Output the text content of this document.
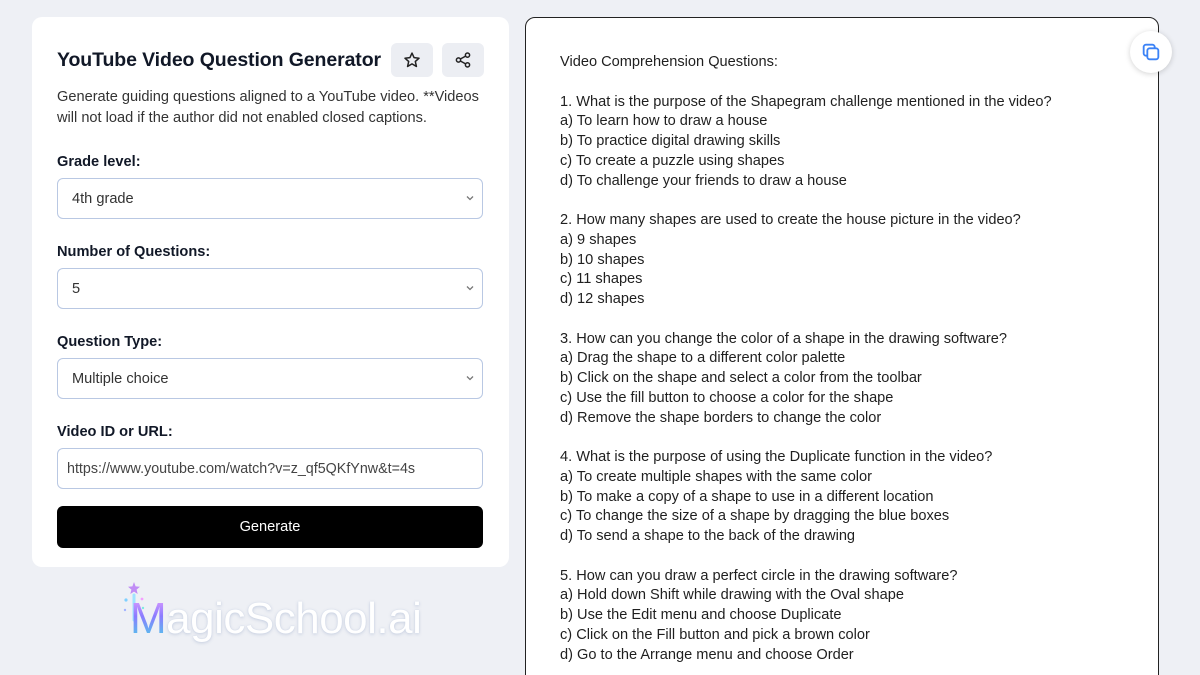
YouTube Video Question Generator

Generate guiding questions aligned to a YouTube video. **Videos will not load if the author did not enabled closed captions.

Grade level:
4th grade
Number of Questions:
5
Question Type:
Multiple choice
Video ID or URL:
https://www.youtube.com/watch?v=z_qf5QKfYnw&t=4s Generate
MagicSchool.ai
Video Comprehension Questions:

1. What is the purpose of the Shapegram challenge mentioned in the video?
a) To learn how to draw a house
b) To practice digital drawing skills
c) To create a puzzle using shapes
d) To challenge your friends to draw a house

2. How many shapes are used to create the house picture in the video?
a) 9 shapes
b) 10 shapes
c) 11 shapes
d) 12 shapes

3. How can you change the color of a shape in the drawing software?
a) Drag the shape to a different color palette
b) Click on the shape and select a color from the toolbar
c) Use the fill button to choose a color for the shape
d) Remove the shape borders to change the color

4. What is the purpose of using the Duplicate function in the video?
a) To create multiple shapes with the same color
b) To make a copy of a shape to use in a different location
c) To change the size of a shape by dragging the blue boxes
d) To send a shape to the back of the drawing

5. How can you draw a perfect circle in the drawing software?
a) Hold down Shift while drawing with the Oval shape
b) Use the Edit menu and choose Duplicate
c) Click on the Fill button and pick a brown color
d) Go to the Arrange menu and choose Order
